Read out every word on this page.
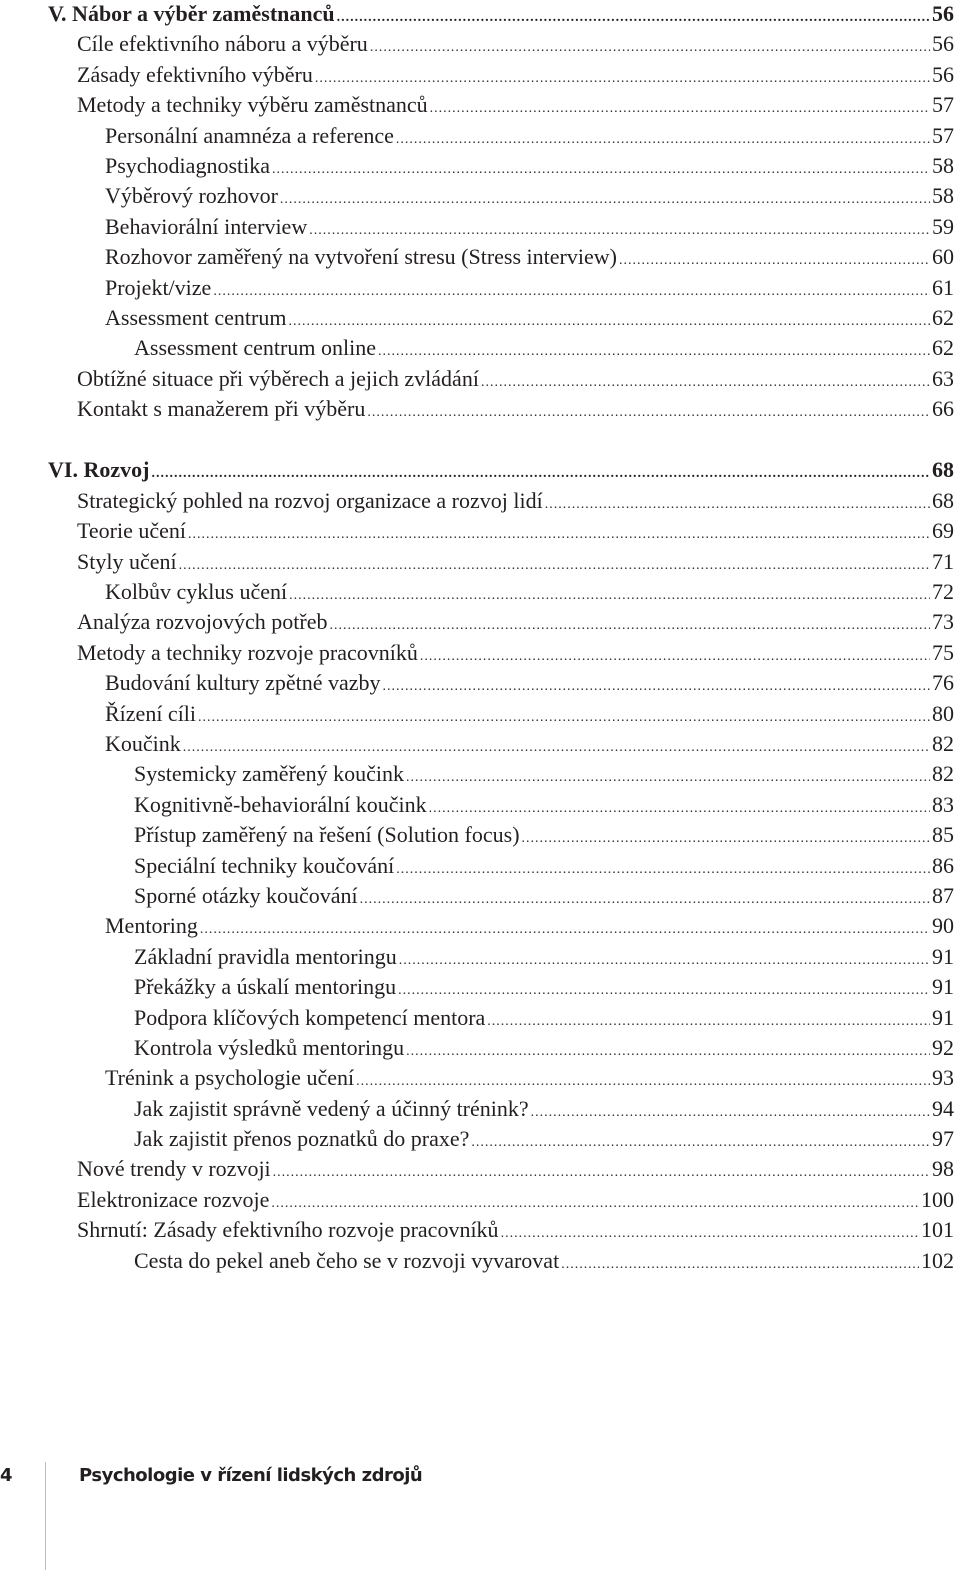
V. Nábor a výběr zaměstnanců .....	56
Cíle efektivního náboru a výběru .....	56
Zásady efektivního výběru .....	56
Metody a techniky výběru zaměstnanců .....	57
Personální anamnéza a reference .....	57
Psychodiagnostika .....	58
Výběrový rozhovor .....	58
Behaviorální interview .....	59
Rozhovor zaměřený na vytvoření stresu (Stress interview) .....	60
Projekt/vize .....	61
Assessment centrum .....	62
Assessment centrum online .....	62
Obtížné situace při výběrech a jejich zvládání .....	63
Kontakt s manažerem při výběru .....	66
VI. Rozvoj .....	68
Strategický pohled na rozvoj organizace a rozvoj lidí .....	68
Teorie učení .....	69
Styly učení .....	71
Kolbův cyklus učení .....	72
Analýza rozvojových potřeb .....	73
Metody a techniky rozvoje pracovníků .....	75
Budování kultury zpětné vazby .....	76
Řízení cíli .....	80
Koučink .....	82
Systemicky zaměřený koučink .....	82
Kognitivně-behaviorální koučink .....	83
Přístup zaměřený na řešení (Solution focus) .....	85
Speciální techniky koučování .....	86
Sporné otázky koučování .....	87
Mentoring .....	90
Základní pravidla mentoringu .....	91
Překážky a úskalí mentoringu .....	91
Podpora klíčových kompetencí mentora .....	91
Kontrola výsledků mentoringu .....	92
Trénink a psychologie učení .....	93
Jak zajistit správně vedený a účinný trénink? .....	94
Jak zajistit přenos poznatků do praxe? .....	97
Nové trendy v rozvoji .....	98
Elektronizace rozvoje .....	100
Shrnutí: Zásady efektivního rozvoje pracovníků .....	101
Cesta do pekel aneb čeho se v rozvoji vyvarovat .....	102
4	Psychologie v řízení lidských zdrojů
